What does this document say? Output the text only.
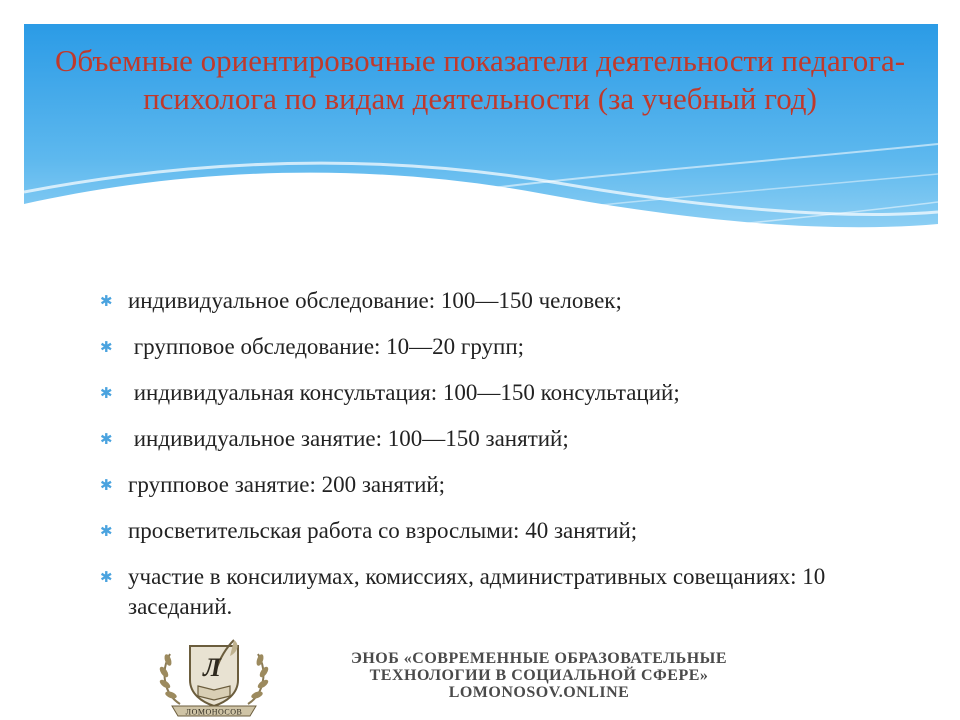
Объемные ориентировочные показатели деятельности педагога-психолога по видам деятельности (за учебный год)
✱ индивидуальное обследование: 100—150 человек;
✱ групповое обследование: 10—20 групп;
✱ индивидуальная консультация: 100—150 консультаций;
✱ индивидуальное занятие: 100—150 занятий;
✱ групповое занятие: 200 занятий;
✱ просветительская работа со взрослыми: 40 занятий;
✱ участие в консилиумах, комиссиях, административных совещаниях: 10 заседаний.
Л
ЛОМОНОСОВ
ЭНОБ «СОВРЕМЕННЫЕ ОБРАЗОВАТЕЛЬНЫЕ
ТЕХНОЛОГИИ В СОЦИАЛЬНОЙ СФЕРЕ»
LOMONOSOV.ONLINE
